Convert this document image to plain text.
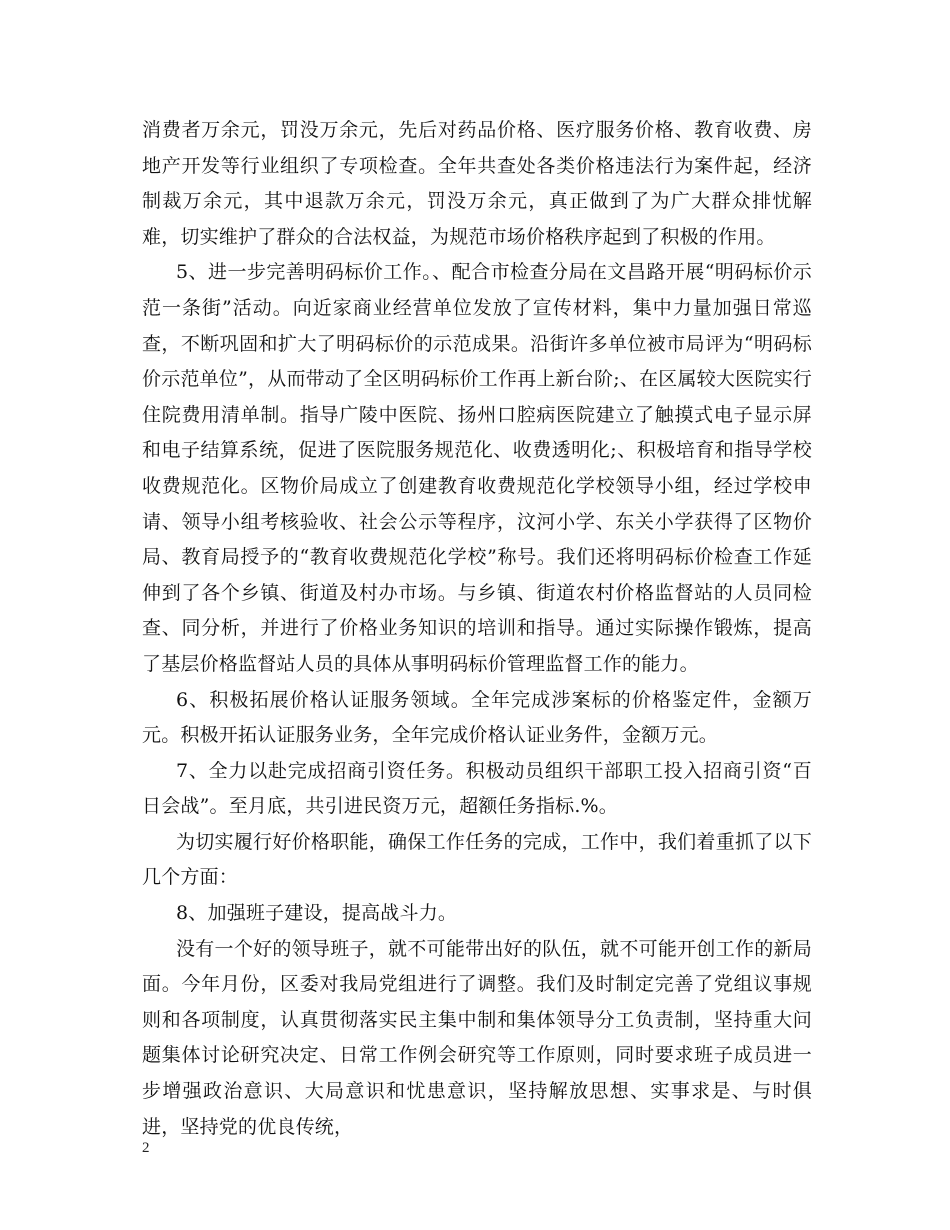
消费者万余元，罚没万余元，先后对药品价格、医疗服务价格、教育收费、房地产开发等行业组织了专项检查。全年共查处各类价格违法行为案件起，经济制裁万余元，其中退款万余元，罚没万余元，真正做到了为广大群众排忧解难，切实维护了群众的合法权益，为规范市场价格秩序起到了积极的作用。

5、进一步完善明码标价工作。、配合市检查分局在文昌路开展“明码标价示范一条街”活动。向近家商业经营单位发放了宣传材料，集中力量加强日常巡查，不断巩固和扩大了明码标价的示范成果。沿街许多单位被市局评为“明码标价示范单位”，从而带动了全区明码标价工作再上新台阶;、在区属较大医院实行住院费用清单制。指导广陵中医院、扬州口腔病医院建立了触摸式电子显示屏和电子结算系统，促进了医院服务规范化、收费透明化;、积极培育和指导学校收费规范化。区物价局成立了创建教育收费规范化学校领导小组，经过学校申请、领导小组考核验收、社会公示等程序，汶河小学、东关小学获得了区物价局、教育局授予的“教育收费规范化学校”称号。我们还将明码标价检查工作延伸到了各个乡镇、街道及村办市场。与乡镇、街道农村价格监督站的人员同检查、同分析，并进行了价格业务知识的培训和指导。通过实际操作锻炼，提高了基层价格监督站人员的具体从事明码标价管理监督工作的能力。

6、积极拓展价格认证服务领域。全年完成涉案标的价格鉴定件，金额万元。积极开拓认证服务业务，全年完成价格认证业务件，金额万元。

7、全力以赴完成招商引资任务。积极动员组织干部职工投入招商引资“百日会战”。至月底，共引进民资万元，超额任务指标.%。

为切实履行好价格职能，确保工作任务的完成，工作中，我们着重抓了以下几个方面：

8、加强班子建设，提高战斗力。

没有一个好的领导班子，就不可能带出好的队伍，就不可能开创工作的新局面。今年月份，区委对我局党组进行了调整。我们及时制定完善了党组议事规则和各项制度，认真贯彻落实民主集中制和集体领导分工负责制，坚持重大问题集体讨论研究决定、日常工作例会研究等工作原则，同时要求班子成员进一步增强政治意识、大局意识和忧患意识，坚持解放思想、实事求是、与时俱进，坚持党的优良传统，

2
